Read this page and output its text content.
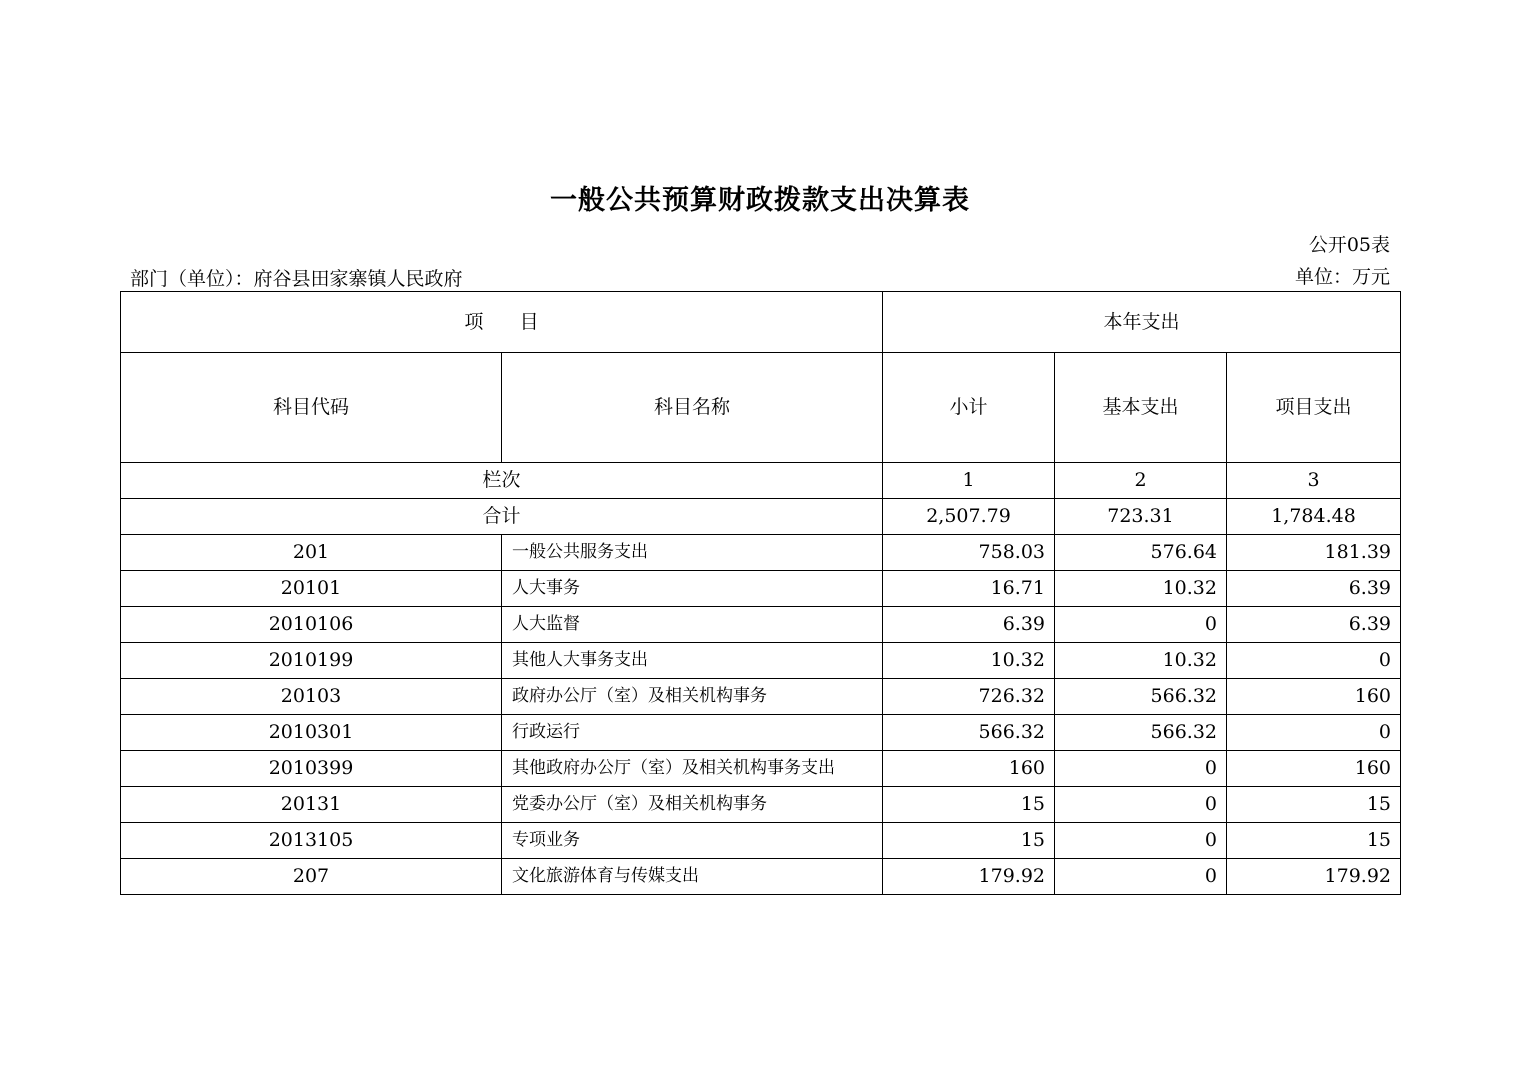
一般公共预算财政拨款支出决算表
公开05表
部门（单位）：府谷县田家寨镇人民政府	单位：万元
项      目		本年支出		
科目代码	科目名称	小计	基本支出	项目支出
栏次		1	2	3
合计		2,507.79	723.31	1,784.48
201	一般公共服务支出	758.03	576.64	181.39
20101	人大事务	16.71	10.32	6.39
2010106	人大监督	6.39	0	6.39
2010199	其他人大事务支出	10.32	10.32	0
20103	政府办公厅（室）及相关机构事务	726.32	566.32	160
2010301	行政运行	566.32	566.32	0
2010399	其他政府办公厅（室）及相关机构事务支出	160	0	160
20131	党委办公厅（室）及相关机构事务	15	0	15
2013105	专项业务	15	0	15
207	文化旅游体育与传媒支出	179.92	0	179.92
